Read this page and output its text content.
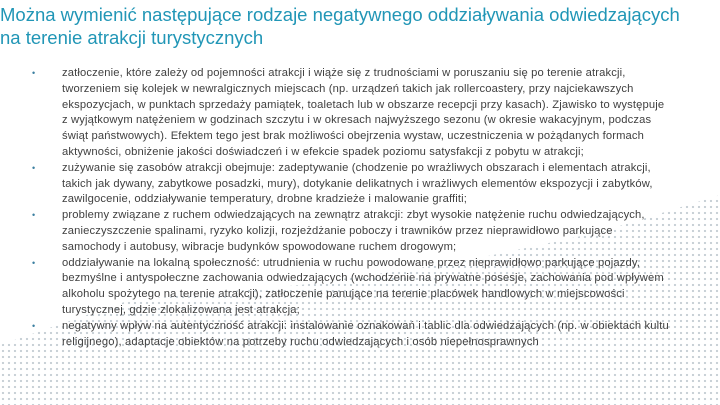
Można wymienić następujące rodzaje negatywnego oddziaływania odwiedzających na terenie atrakcji turystycznych
• zatłoczenie, które zależy od pojemności atrakcji i wiąże się z trudnościami w poruszaniu się po terenie atrakcji, tworzeniem się kolejek w newralgicznych miejscach (np. urządzeń takich jak rollercoastery, przy najciekawszych ekspozycjach, w punktach sprzedaży pamiątek, toaletach lub w obszarze recepcji przy kasach). Zjawisko to występuje z wyjątkowym natężeniem w godzinach szczytu i w okresach najwyższego sezonu (w okresie wakacyjnym, podczas świąt państwowych). Efektem tego jest brak możliwości obejrzenia wystaw, uczestniczenia w pożądanych formach aktywności, obniżenie jakości doświadczeń i w efekcie spadek poziomu satysfakcji z pobytu w atrakcji;
• zużywanie się zasobów atrakcji obejmuje: zadeptywanie (chodzenie po wrażliwych obszarach i elementach atrakcji, takich jak dywany, zabytkowe posadzki, mury), dotykanie delikatnych i wrażliwych elementów ekspozycji i zabytków, zawilgocenie, oddziaływanie temperatury, drobne kradzieże i malowanie graffiti;
• problemy związane z ruchem odwiedzających na zewnątrz atrakcji: zbyt wysokie natężenie ruchu odwiedzających, zanieczyszczenie spalinami, ryzyko kolizji, rozjeżdżanie poboczy i trawników przez nieprawidłowo parkujące samochody i autobusy, wibracje budynków spowodowane ruchem drogowym;
• oddziaływanie na lokalną społeczność: utrudnienia w ruchu powodowane przez nieprawidłowo parkujące pojazdy, bezmyślne i antyspołeczne zachowania odwiedzających (wchodzenie na prywatne posesje, zachowania pod wpływem alkoholu spożytego na terenie atrakcji), zatłoczenie panujące na terenie placówek handlowych w miejscowości turystycznej, gdzie zlokalizowana jest atrakcja;
• negatywny wpływ na autentyczność atrakcji: instalowanie oznakowań i tablic dla odwiedzających (np. w obiektach kultu religijnego), adaptacje obiektów na potrzeby ruchu odwiedzających i osób niepełnosprawnych
